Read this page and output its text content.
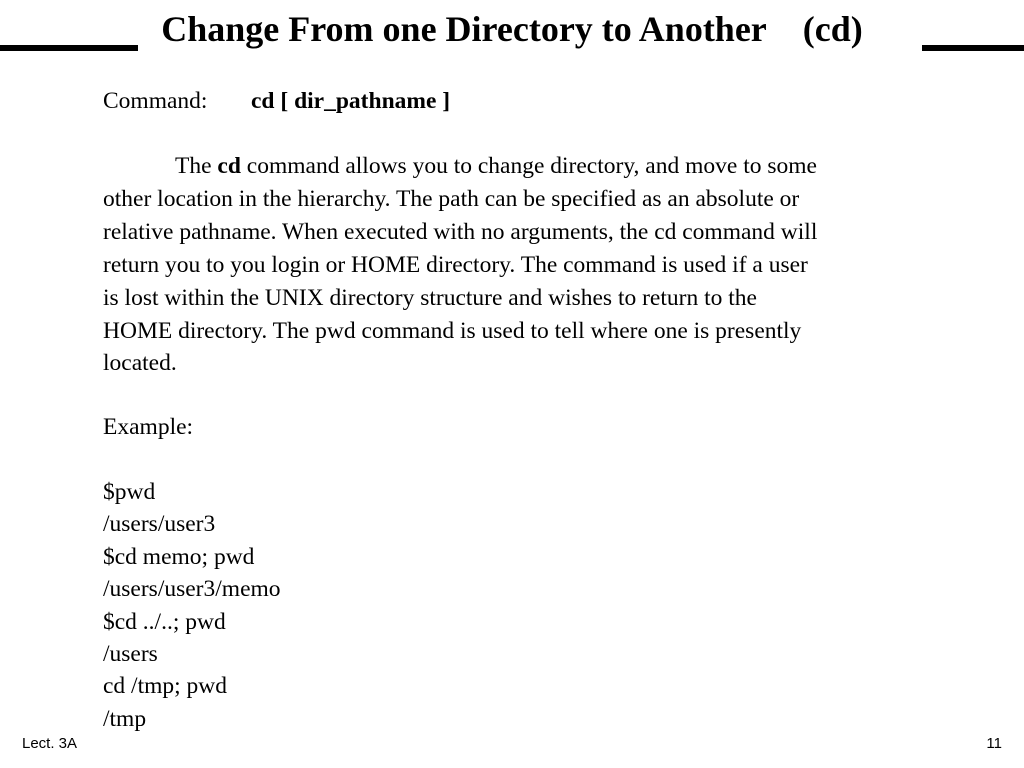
Change From one Directory to Another (cd)
Command: cd [ dir_pathname ]
The cd command allows you to change directory, and move to some
other location in the hierarchy. The path can be specified as an absolute or
relative pathname. When executed with no arguments, the cd command will
return you to you login or HOME directory. The command is used if a user
is lost within the UNIX directory structure and wishes to return to the
HOME directory. The pwd command is used to tell where one is presently
located.
Example:
$pwd
/users/user3
$cd memo; pwd
/users/user3/memo
$cd ../..; pwd
/users
cd /tmp; pwd
/tmp
Lect. 3A	11
